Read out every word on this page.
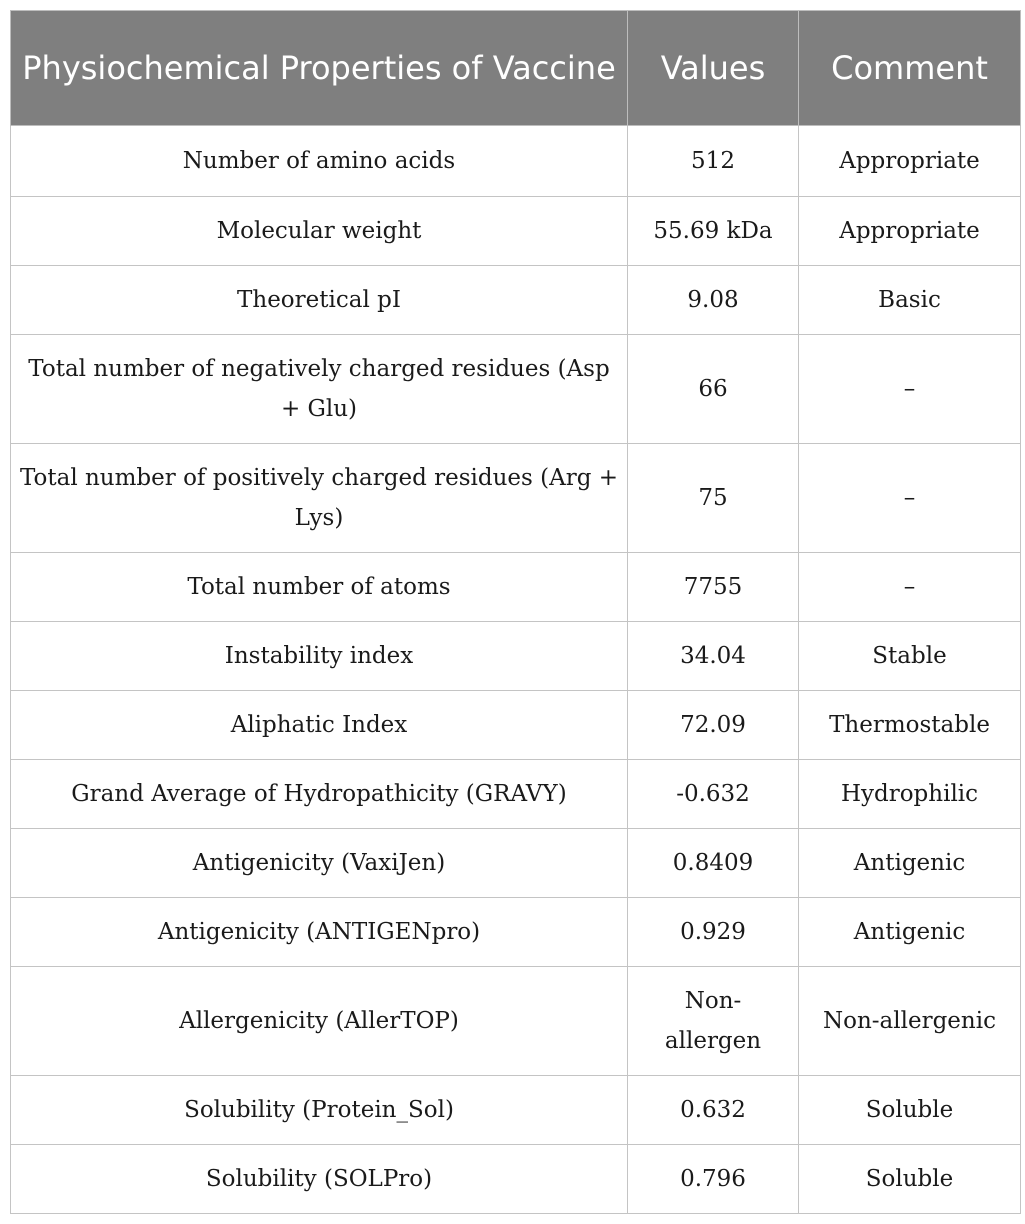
Physiochemical Properties of Vaccine	Values	Comment
Number of amino acids	512	Appropriate
Molecular weight	55.69 kDa	Appropriate
Theoretical pI	9.08	Basic
Total number of negatively charged residues (Asp + Glu)	66	–
Total number of positively charged residues (Arg + Lys)	75	–
Total number of atoms	7755	–
Instability index	34.04	Stable
Aliphatic Index	72.09	Thermostable
Grand Average of Hydropathicity (GRAVY)	-0.632	Hydrophilic
Antigenicity (VaxiJen)	0.8409	Antigenic
Antigenicity (ANTIGENpro)	0.929	Antigenic
Allergenicity (AllerTOP)	Non-allergen	Non-allergenic
Solubility (Protein_Sol)	0.632	Soluble
Solubility (SOLPro)	0.796	Soluble
